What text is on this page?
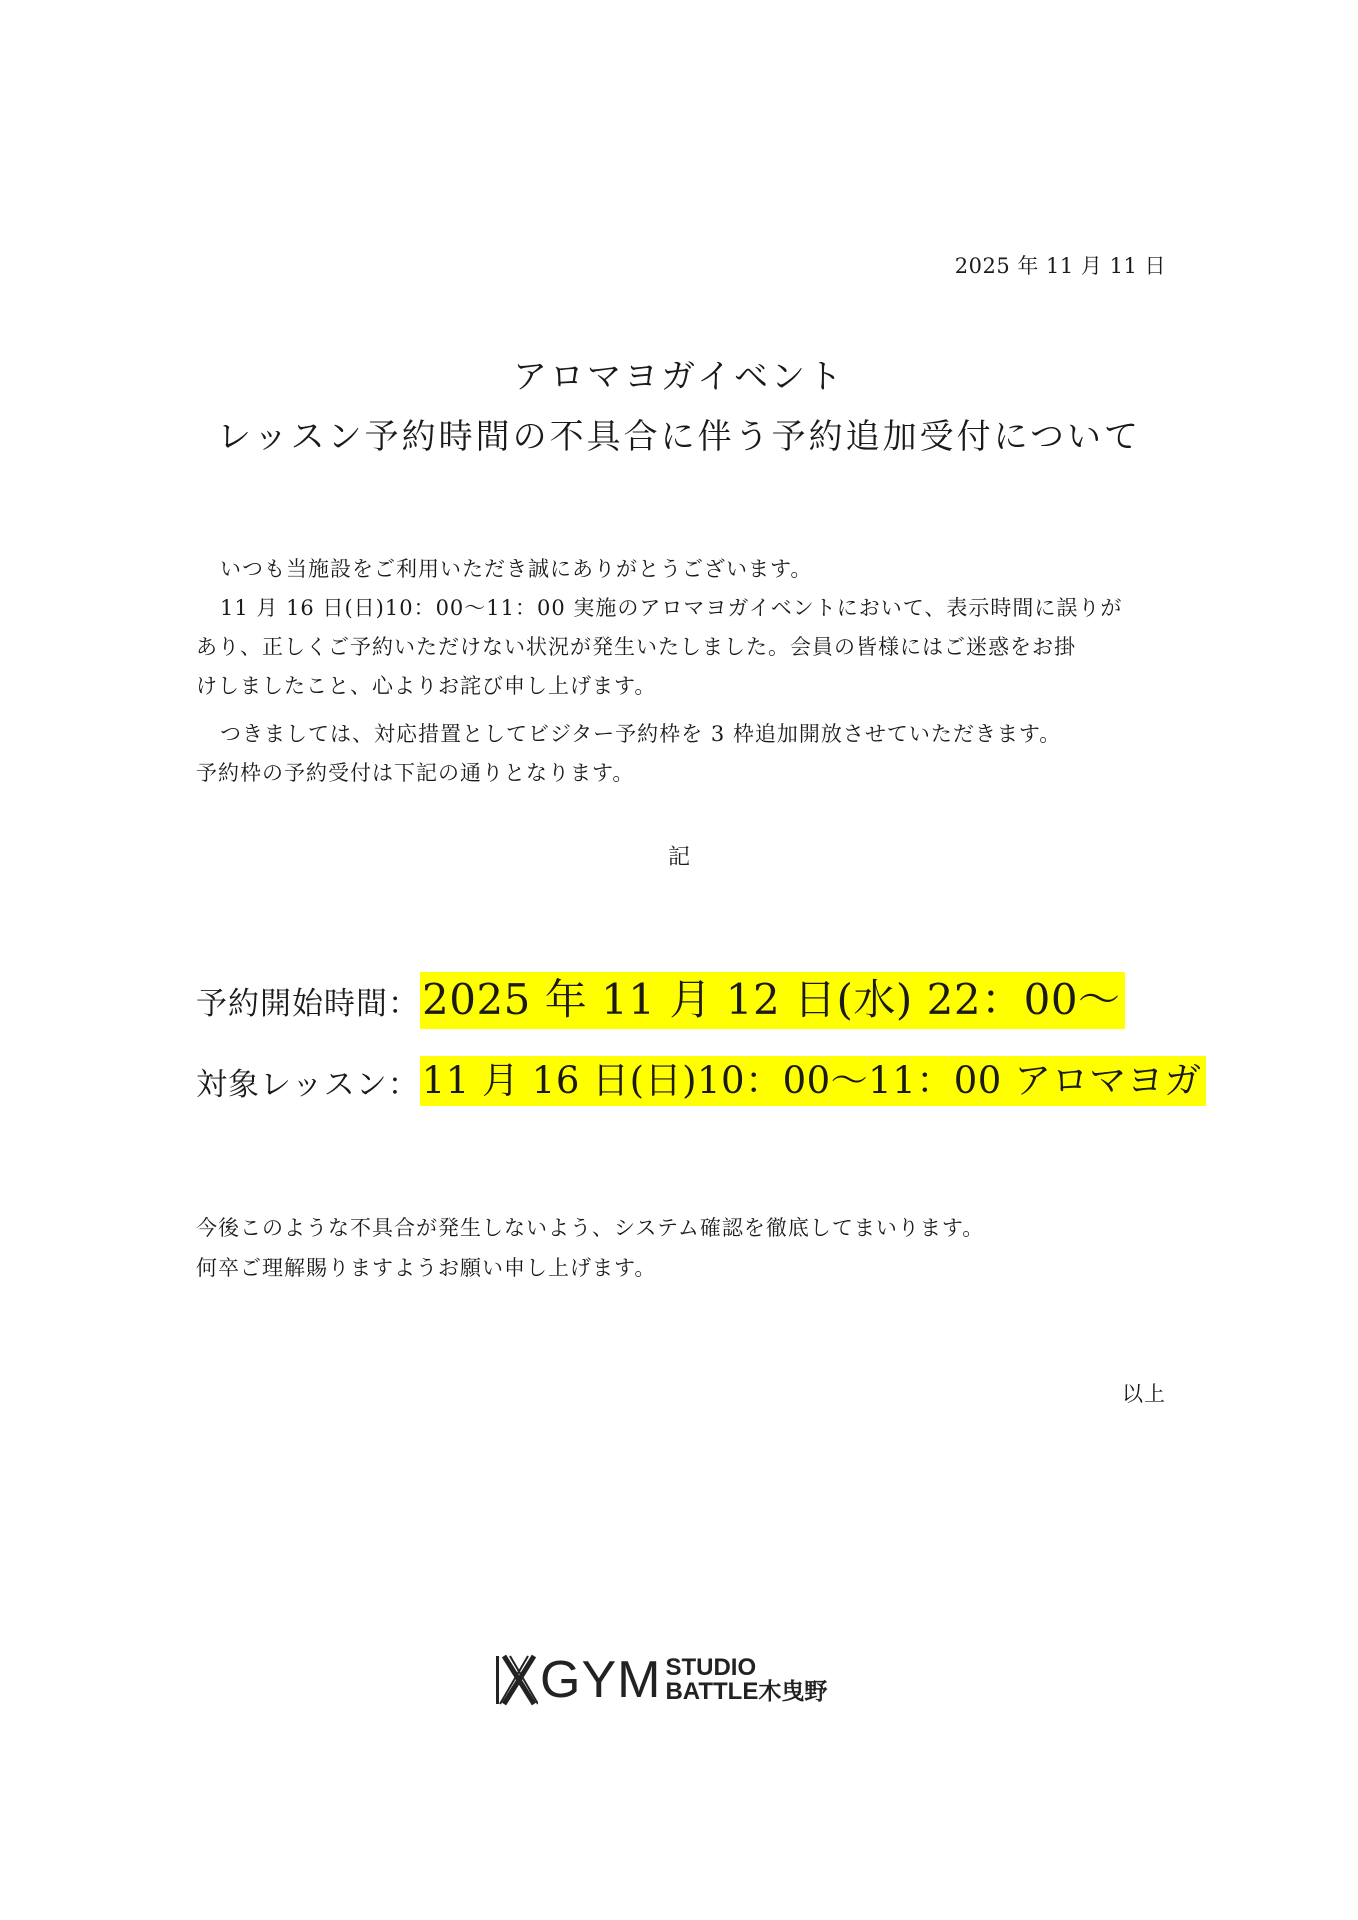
2025 年 11 月 11 日
アロマヨガイベント
レッスン予約時間の不具合に伴う予約追加受付について
いつも当施設をご利用いただき誠にありがとうございます。
11 月 16 日(日)10：00～11：00 実施のアロマヨガイベントにおいて、表示時間に誤りが
あり、正しくご予約いただけない状況が発生いたしました。会員の皆様にはご迷惑をお掛
けしましたこと、心よりお詫び申し上げます。
つきましては、対応措置としてビジター予約枠を 3 枠追加開放させていただきます。
予約枠の予約受付は下記の通りとなります。
記
予約開始時間： 2025 年 11 月 12 日(水) 22：00～
対象レッスン： 11 月 16 日(日)10：00～11：00 アロマヨガ
今後このような不具合が発生しないよう、システム確認を徹底してまいります。
何卒ご理解賜りますようお願い申し上げます。
以上
GYM STUDIO
BATTLE木曳野
